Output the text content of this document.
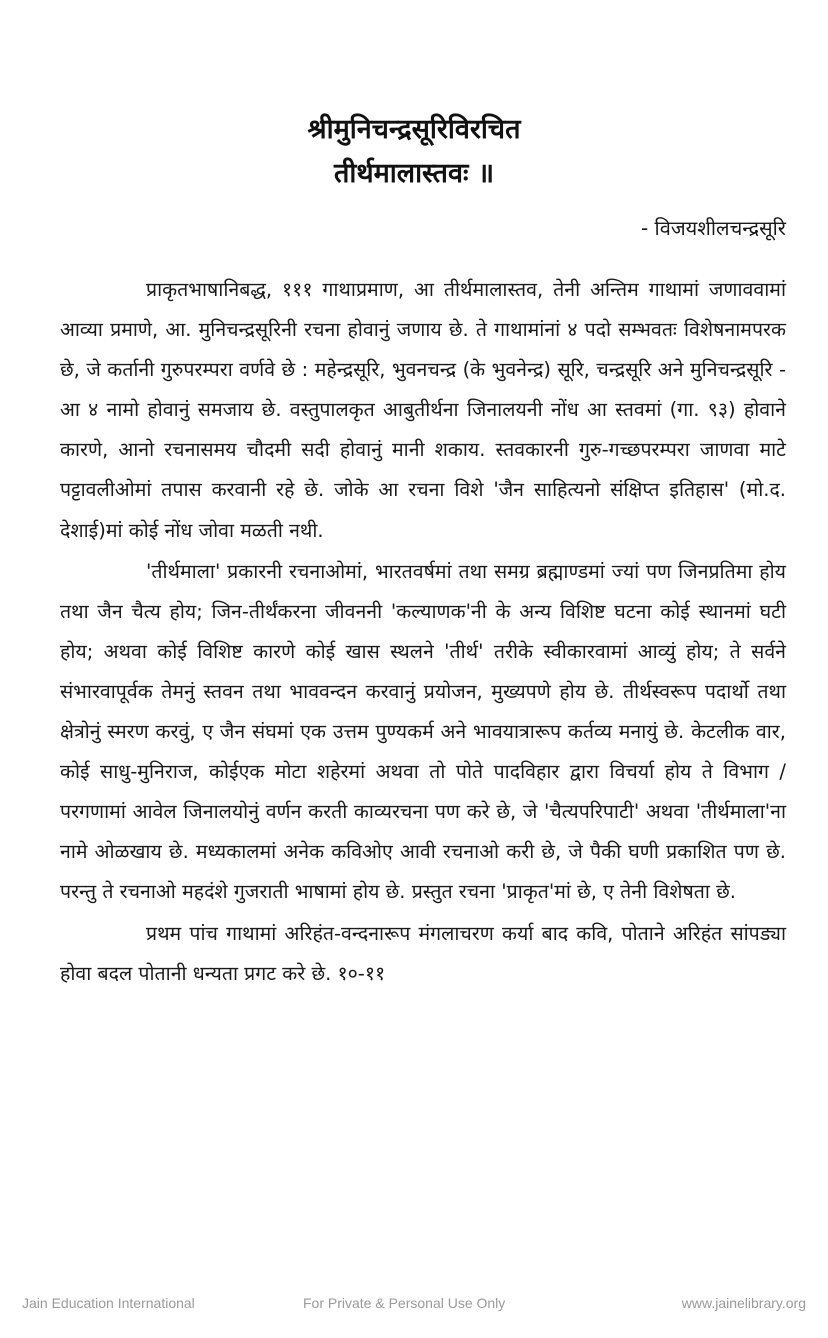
श्रीमुनिचन्द्रसूरिविरचित
तीर्थमालास्तवः ॥
- विजयशीलचन्द्रसूरि

प्राकृतभाषानिबद्ध, १११ गाथाप्रमाण, आ तीर्थमालास्तव, तेनी अन्तिम गाथामां जणाववामां आव्या प्रमाणे, आ. मुनिचन्द्रसूरिनी रचना होवानुं जणाय छे. ते गाथामांनां ४ पदो सम्भवतः विशेषनामपरक छे, जे कर्तानी गुरुपरम्परा वर्णवे छे : महेन्द्रसूरि, भुवनचन्द्र (के भुवनेन्द्र) सूरि, चन्द्रसूरि अने मुनिचन्द्रसूरि - आ ४ नामो होवानुं समजाय छे. वस्तुपालकृत आबुतीर्थना जिनालयनी नोंध आ स्तवमां (गा. ९३) होवाने कारणे, आनो रचनासमय चौदमी सदी होवानुं मानी शकाय. स्तवकारनी गुरु-गच्छपरम्परा जाणवा माटे पट्टावलीओमां तपास करवानी रहे छे. जोके आ रचना विशे 'जैन साहित्यनो संक्षिप्त इतिहास' (मो.द. देशाई)मां कोई नोंध जोवा मळती नथी.

'तीर्थमाला' प्रकारनी रचनाओमां, भारतवर्षमां तथा समग्र ब्रह्माण्डमां ज्यां पण जिनप्रतिमा होय तथा जैन चैत्य होय; जिन-तीर्थंकरना जीवननी 'कल्याणक'नी के अन्य विशिष्ट घटना कोई स्थानमां घटी होय; अथवा कोई विशिष्ट कारणे कोई खास स्थलने 'तीर्थ' तरीके स्वीकारवामां आव्युं होय; ते सर्वने संभारवापूर्वक तेमनुं स्तवन तथा भाववन्दन करवानुं प्रयोजन, मुख्यपणे होय छे. तीर्थस्वरूप पदार्थो तथा क्षेत्रोनुं स्मरण करवुं, ए जैन संघमां एक उत्तम पुण्यकर्म अने भावयात्रारूप कर्तव्य मनायुं छे. केटलीक वार, कोई साधु-मुनिराज, कोईएक मोटा शहेरमां अथवा तो पोते पादविहार द्वारा विचर्या होय ते विभाग / परगणामां आवेल जिनालयोनुं वर्णन करती काव्यरचना पण करे छे, जे 'चैत्यपरिपाटी' अथवा 'तीर्थमाला'ना नामे ओळखाय छे. मध्यकालमां अनेक कविओए आवी रचनाओ करी छे, जे पैकी घणी प्रकाशित पण छे. परन्तु ते रचनाओ महदंशे गुजराती भाषामां होय छे. प्रस्तुत रचना 'प्राकृत'मां छे, ए तेनी विशेषता छे.

प्रथम पांच गाथामां अरिहंत-वन्दनारूप मंगलाचरण कर्या बाद कवि, पोताने अरिहंत सांपड्या होवा बदल पोतानी धन्यता प्रगट करे छे. १०-११

Jain Education International	For Private & Personal Use Only	www.jainelibrary.org
